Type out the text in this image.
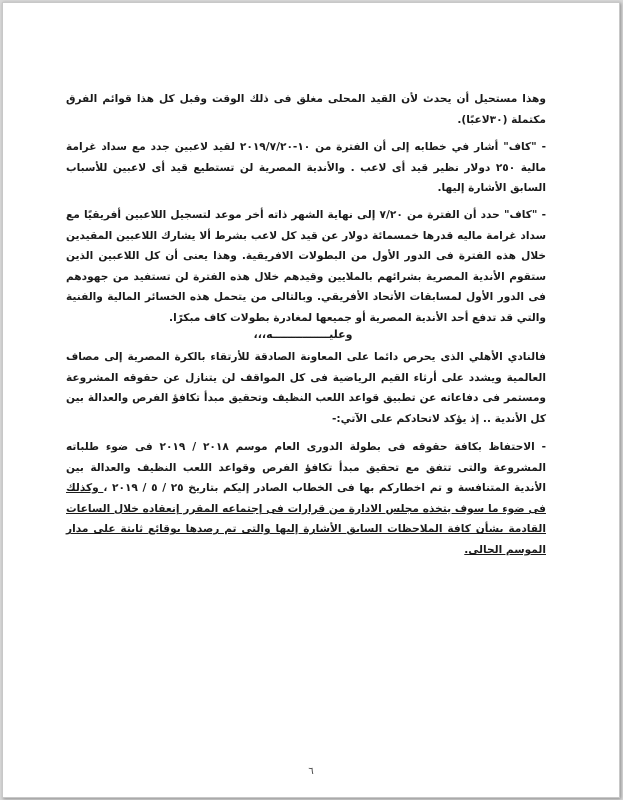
وهذا مستحيل أن يحدث لأن القيد المحلى مغلق فى ذلك الوقت وقبل كل هذا قوائم الفرق مكتملة (٣٠لاعبًا).
- "كاف" أشار في خطابه إلى أن الفترة من ١٠-٢٠١٩/٧/٢٠ لقيد لاعبين جدد مع سداد غرامة مالية ٢٥٠ دولار نظير قيد أى لاعب . والأندية المصرية لن تستطيع قيد أى لاعبين للأسباب السابق الأشارة إليها.
- "كاف" حدد أن الفترة من ٧/٢٠ إلى نهاية الشهر ذاته أخر موعد لتسجيل اللاعبين أفريقيًا مع سداد غرامة ماليه قدرها خمسمائة دولار عن قيد كل لاعب بشرط ألا يشارك اللاعبين المقيدين خلال هذه الفترة فى الدور الأول من البطولات الافريقية. وهذا يعنى أن كل اللاعبين الذين ستقوم الأندية المصرية بشرائهم بالملايين وقيدهم خلال هذه الفترة لن تستفيد من جهودهم فى الدور الأول لمسابقات الأتحاد الأفريقي. وبالتالى من يتحمل هذه الخسائر المالية والفنية والتي قد تدفع أحد الأندية المصرية أو جميعها لمغادرة بطولات كاف مبكرًا.
وعليـــــــــــــــه،،،
فالنادي الأهلي الذى يحرص دائما على المعاونة الصادقة للأرتقاء بالكرة المصرية إلى مصاف العالمية ويشدد على أرثاء القيم الرياضية فى كل المواقف لن يتنازل عن حقوقه المشروعة ومستمر فى دفاعاته عن تطبيق قواعد اللعب النظيف وتحقيق مبدأ تكافؤ الفرص والعدالة بين كل الأندية .. إذ يؤكد لاتحادكم على الآتي:-
- الاحتفاظ بكافة حقوقه فى بطولة الدورى العام موسم ٢٠١٨ / ٢٠١٩ فى ضوء طلباته المشروعة والتى تتفق مع تحقيق مبدأ تكافؤ الفرص وقواعد اللعب النظيف والعدالة بين الأندية المتنافسة و تم اخطاركم بها فى الخطاب الصادر إليكم بتاريخ ٢٥ / ٥ / ٢٠١٩ ، وكذلك فى ضوء ما سوف يتخذه مجلس الادارة من قرارات فى إجتماعه المقرر إنعقاده خلال الساعات القادمة بشأن كافة الملاحظات السابق الأشارة إليها والتى تم رصدها بوقائع ثابتة على مدار الموسم الحالى.
٦
